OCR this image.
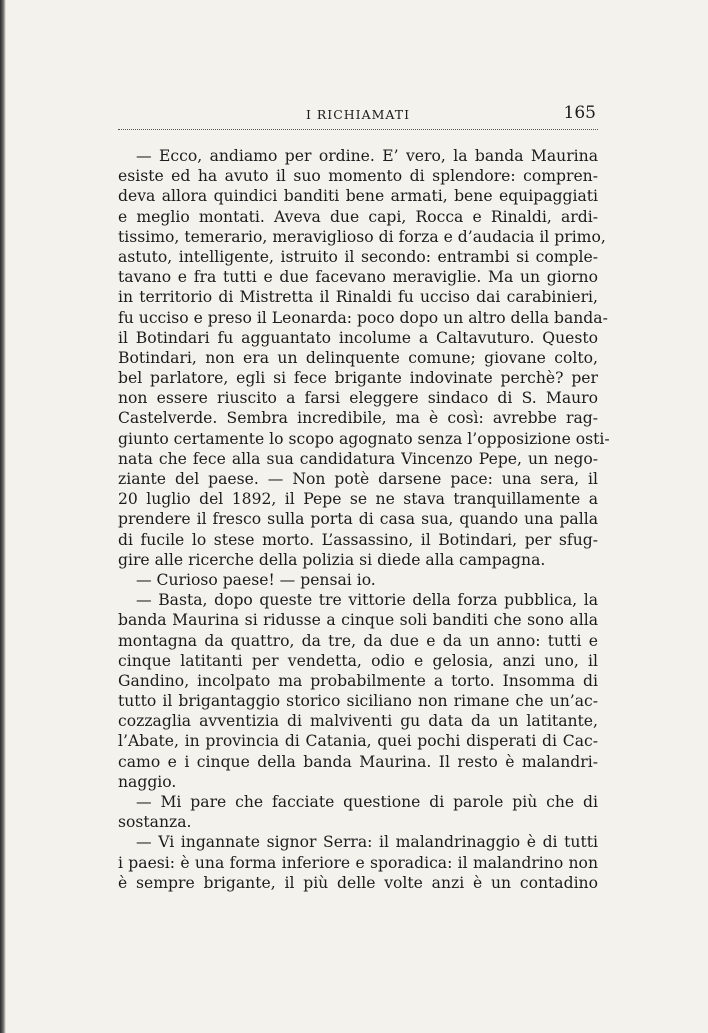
I RICHIAMATI	165
— Ecco, andiamo per ordine. E’ vero, la banda Maurina
esiste ed ha avuto il suo momento di splendore: compren-
deva allora quindici banditi bene armati, bene equipaggiati
e meglio montati. Aveva due capi, Rocca e Rinaldi, ardi-
tissimo, temerario, meraviglioso di forza e d’audacia il primo,
astuto, intelligente, istruito il secondo: entrambi si comple-
tavano e fra tutti e due facevano meraviglie. Ma un giorno
in territorio di Mistretta il Rinaldi fu ucciso dai carabinieri,
fu ucciso e preso il Leonarda: poco dopo un altro della banda-
il Botindari fu agguantato incolume a Caltavuturo. Questo
Botindari, non era un delinquente comune; giovane colto,
bel parlatore, egli si fece brigante indovinate perchè? per
non essere riuscito a farsi eleggere sindaco di S. Mauro
Castelverde. Sembra incredibile, ma è così: avrebbe rag-
giunto certamente lo scopo agognato senza l’opposizione osti-
nata che fece alla sua candidatura Vincenzo Pepe, un nego-
ziante del paese. — Non potè darsene pace: una sera, il
20 luglio del 1892, il Pepe se ne stava tranquillamente a
prendere il fresco sulla porta di casa sua, quando una palla
di fucile lo stese morto. L’assassino, il Botindari, per sfug-
gire alle ricerche della polizia si diede alla campagna.
— Curioso paese! — pensai io.
— Basta, dopo queste tre vittorie della forza pubblica, la
banda Maurina si ridusse a cinque soli banditi che sono alla
montagna da quattro, da tre, da due e da un anno: tutti e
cinque latitanti per vendetta, odio e gelosia, anzi uno, il
Gandino, incolpato ma probabilmente a torto. Insomma di
tutto il brigantaggio storico siciliano non rimane che un’ac-
cozzaglia avventizia di malviventi gu data da un latitante,
l’Abate, in provincia di Catania, quei pochi disperati di Cac-
camo e i cinque della banda Maurina. Il resto è malandri-
naggio.
— Mi pare che facciate questione di parole più che di
sostanza.
— Vi ingannate signor Serra: il malandrinaggio è di tutti
i paesi: è una forma inferiore e sporadica: il malandrino non
è sempre brigante, il più delle volte anzi è un contadino
